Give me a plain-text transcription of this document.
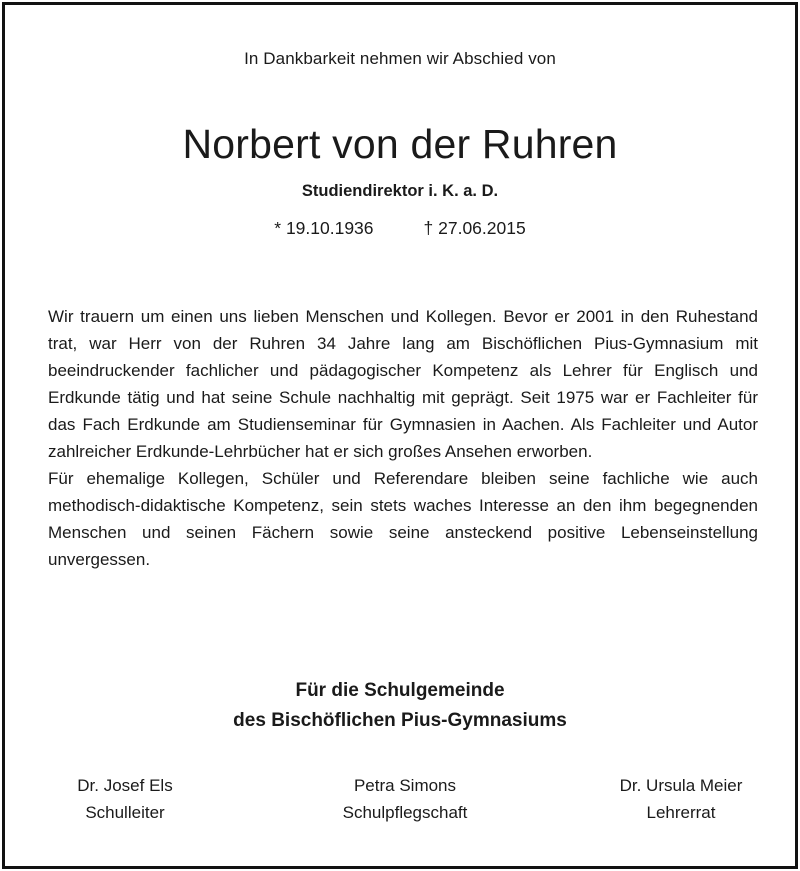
In Dankbarkeit nehmen wir Abschied von
Norbert von der Ruhren
Studiendirektor i. K. a. D.
* 19.10.1936	† 27.06.2015

Wir trauern um einen uns lieben Menschen und Kollegen. Bevor er 2001 in den Ruhestand trat, war Herr von der Ruhren 34 Jahre lang am Bischöflichen Pius-Gymnasium mit beeindruckender fachlicher und pädagogischer Kompetenz als Lehrer für Englisch und Erdkunde tätig und hat seine Schule nachhaltig mit geprägt. Seit 1975 war er Fachleiter für das Fach Erdkunde am Studienseminar für Gymnasien in Aachen. Als Fachleiter und Autor zahlreicher Erdkunde-Lehrbücher hat er sich großes Ansehen erworben.

Für ehemalige Kollegen, Schüler und Referendare bleiben seine fachliche wie auch methodisch-didaktische Kompetenz, sein stets waches Interesse an den ihm begegnenden Menschen und seinen Fächern sowie seine ansteckend positive Lebenseinstellung unvergessen.

Für die Schulgemeinde
des Bischöflichen Pius-Gymnasiums
Dr. Josef Els
Schulleiter
Petra Simons
Schulpflegschaft
Dr. Ursula Meier
Lehrerrat
